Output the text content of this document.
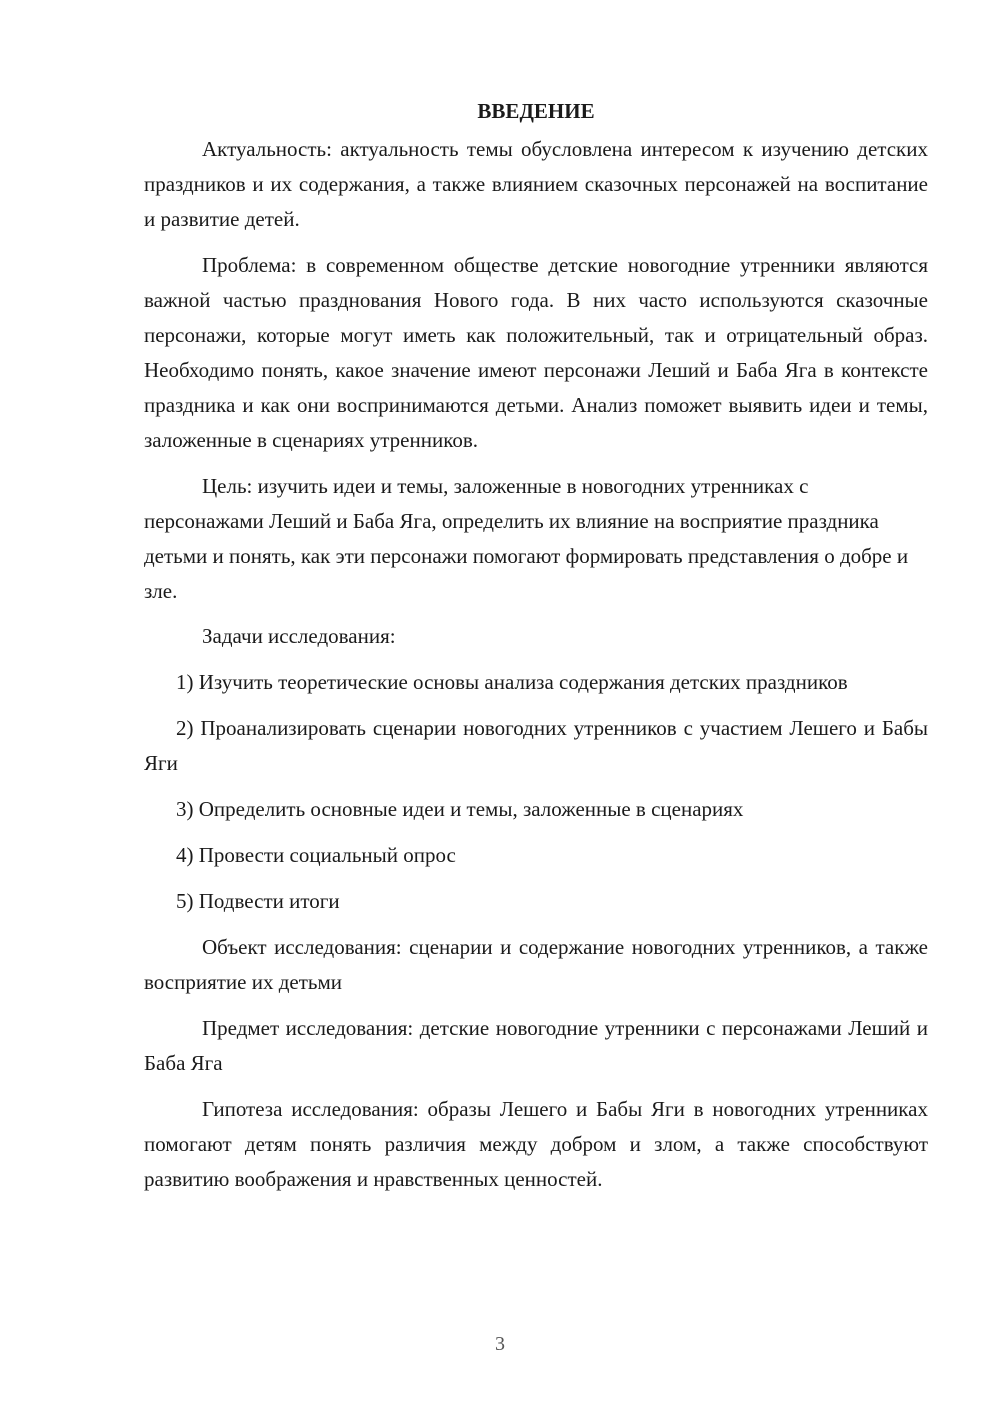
ВВЕДЕНИЕ

Актуальность: актуальность темы обусловлена интересом к изучению детских праздников и их содержания, а также влиянием сказочных персонажей на воспитание и развитие детей.

Проблема: в современном обществе детские новогодние утренники являются важной частью празднования Нового года. В них часто используются сказочные персонажи, которые могут иметь как положительный, так и отрицательный образ. Необходимо понять, какое значение имеют персонажи Леший и Баба Яга в контексте праздника и как они воспринимаются детьми. Анализ поможет выявить идеи и темы, заложенные в сценариях утренников.

Цель: изучить идеи и темы, заложенные в новогодних утренниках с персонажами Леший и Баба Яга, определить их влияние на восприятие праздника детьми и понять, как эти персонажи помогают формировать представления о добре и зле.

Задачи исследования:

1) Изучить теоретические основы анализа содержания детских праздников

2) Проанализировать сценарии новогодних утренников с участием Лешего и Бабы Яги

3) Определить основные идеи и темы, заложенные в сценариях

4) Провести социальный опрос

5) Подвести итоги

Объект исследования: сценарии и содержание новогодних утренников, а также восприятие их детьми

Предмет исследования: детские новогодние утренники с персонажами Леший и Баба Яга

Гипотеза исследования: образы Лешего и Бабы Яги в новогодних утренниках помогают детям понять различия между добром и злом, а также способствуют развитию воображения и нравственных ценностей.

3
